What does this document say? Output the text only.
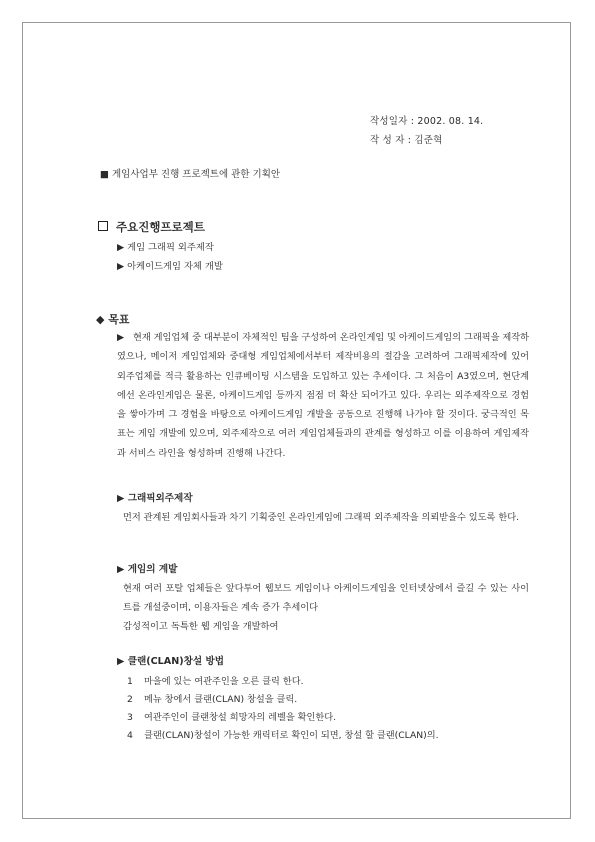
작성일자 : 2002. 08. 14.
작 성 자 : 김준혁
■ 게임사업부 진행 프로젝트에 관한 기획안
주요진행프로젝트
▶ 게임 그래픽 외주제작
▶ 아케이드게임 자체 개발
◆ 목표
▶ 현재 게임업체 중 대부분이 자체적인 팀을 구성하여 온라인게임 및 아케이드게임의 그래픽을 제작하였으나, 메이저 게임업체와 중대형 게임업체에서부터 제작비용의 절감을 고려하여 그래픽제작에 있어 외주업체를 적극 활용하는 인큐베이팅 시스템을 도입하고 있는 추세이다. 그 처음이 A3였으며, 현단계에선 온라인게임은 물론, 아케이드게임 등까지 점점 더 확산 되어가고 있다. 우리는 외주제작으로 경험을 쌓아가며 그 경험을 바탕으로 아케이드게임 개발을 공동으로 진행해 나가야 할 것이다. 궁극적인 목표는 게임 개발에 있으며, 외주제작으로 여러 게임업체들과의 관계를 형성하고 이를 이용하여 게임제작과 서비스 라인을 형성하며 진행해 나간다.
▶ 그래픽외주제작
먼저 관계된 게임회사들과 차기 기획중인 온라인게임에 그래픽 외주제작을 의뢰받을수 있도록 한다.
▶ 게임의 계발
현재 여러 포탈 업체들은 앞다투어 웹보드 게임이나 아케이드게임을 인터넷상에서 즐길 수 있는 사이트를 개설중이며, 이용자들은 계속 증가 추세이다
감성적이고 독특한 웹 게임을 개발하여
▶ 클랜(CLAN)창설 방법
1 마을에 있는 여관주인을 오른 클릭 한다.
2 메뉴 창에서 클랜(CLAN) 창설을 클릭.
3 여관주인이 클랜창설 희망자의 레벨을 확인한다.
4 클랜(CLAN)창설이 가능한 캐릭터로 확인이 되면, 창설 할 클랜(CLAN)의.
